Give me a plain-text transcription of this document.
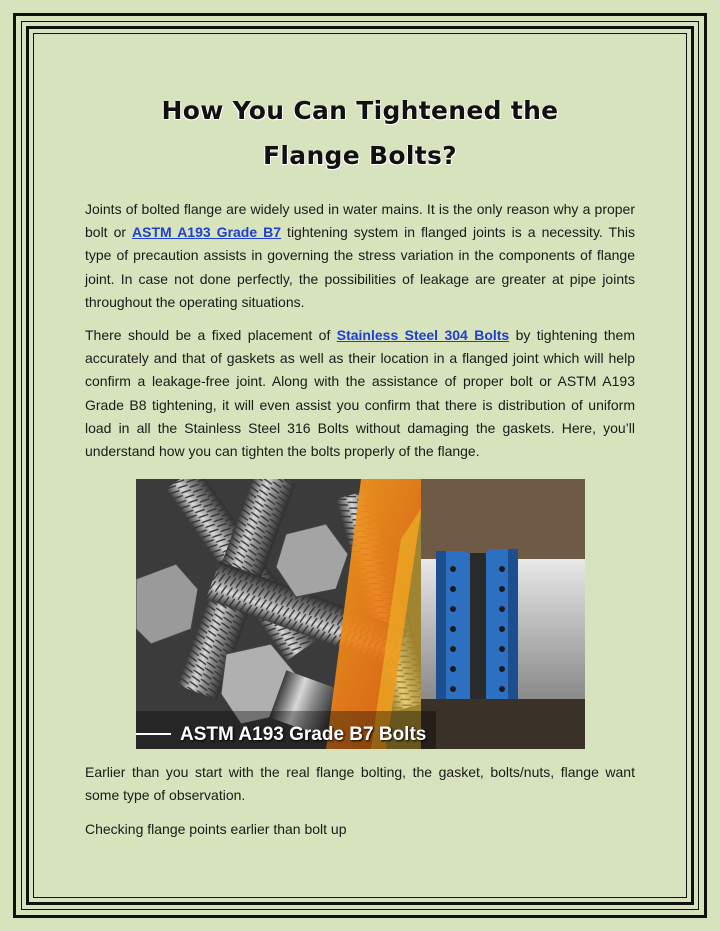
How You Can Tightened the
Flange Bolts?

Joints of bolted flange are widely used in water mains. It is the only reason why a proper bolt or ASTM A193 Grade B7 tightening system in flanged joints is a necessity. This type of precaution assists in governing the stress variation in the components of flange joint. In case not done perfectly, the possibilities of leakage are greater at pipe joints throughout the operating situations.

There should be a fixed placement of Stainless Steel 304 Bolts by tightening them accurately and that of gaskets as well as their location in a flanged joint which will help confirm a leakage-free joint. Along with the assistance of proper bolt or ASTM A193 Grade B8 tightening, it will even assist you confirm that there is distribution of uniform load in all the Stainless Steel 316 Bolts without damaging the gaskets. Here, you’ll understand how you can tighten the bolts properly of the flange.

ASTM A193 Grade B7 Bolts

Earlier than you start with the real flange bolting, the gasket, bolts/nuts, flange want some type of observation.

Checking flange points earlier than bolt up
